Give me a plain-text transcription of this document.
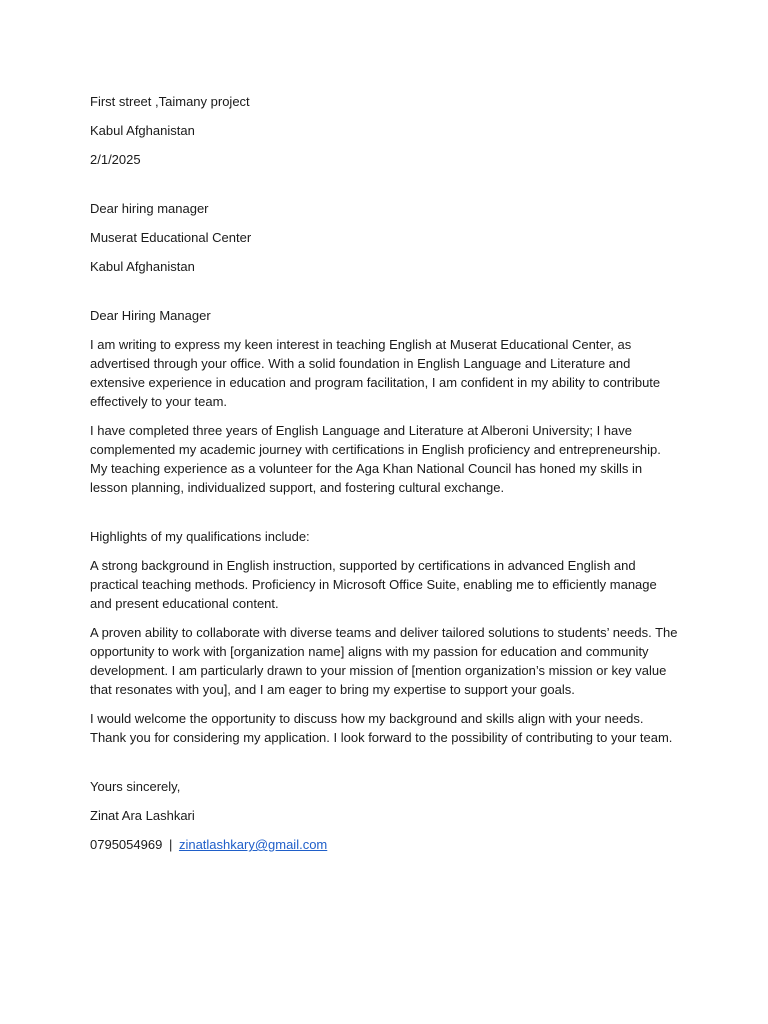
First street ,Taimany project
Kabul Afghanistan
2/1/2025
Dear hiring manager
Muserat Educational Center
Kabul Afghanistan
Dear Hiring Manager

I am writing to express my keen interest in teaching English at Muserat Educational Center, as advertised through your office. With a solid foundation in English Language and Literature and extensive experience in education and program facilitation, I am confident in my ability to contribute effectively to your team.

I have completed three years of English Language and Literature at Alberoni University; I have complemented my academic journey with certifications in English proficiency and entrepreneurship. My teaching experience as a volunteer for the Aga Khan National Council has honed my skills in lesson planning, individualized support, and fostering cultural exchange.

Highlights of my qualifications include:

A strong background in English instruction, supported by certifications in advanced English and practical teaching methods. Proficiency in Microsoft Office Suite, enabling me to efficiently manage and present educational content.

A proven ability to collaborate with diverse teams and deliver tailored solutions to students’ needs. The opportunity to work with [organization name] aligns with my passion for education and community development. I am particularly drawn to your mission of [mention organization’s mission or key value that resonates with you], and I am eager to bring my expertise to support your goals.

I would welcome the opportunity to discuss how my background and skills align with your needs. Thank you for considering my application. I look forward to the possibility of contributing to your team.

Yours sincerely,
Zinat Ara Lashkari
0795054969 | zinatlashkary@gmail.com
